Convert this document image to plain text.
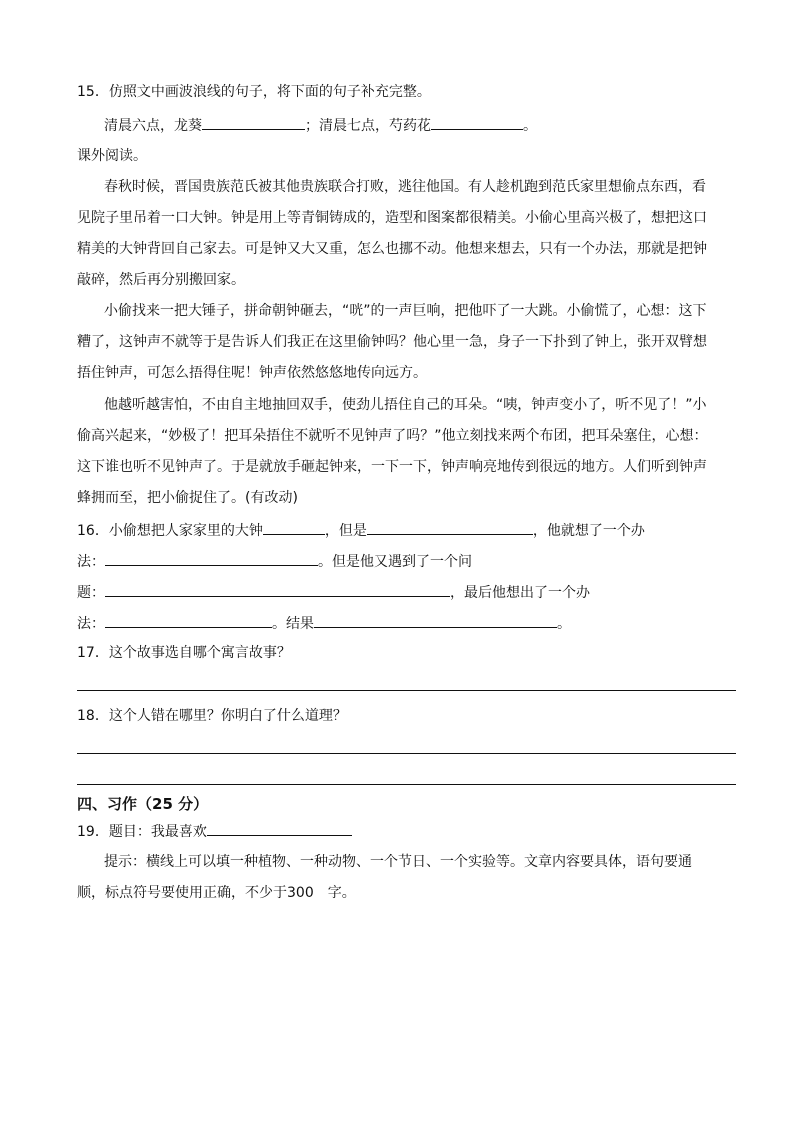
15．仿照文中画波浪线的句子，将下面的句子补充完整。
清晨六点，龙葵	；清晨七点，芍药花	。
课外阅读。
春秋时候，晋国贵族范氏被其他贵族联合打败，逃往他国。有人趁机跑到范氏家里想偷点东西，看
见院子里吊着一口大钟。钟是用上等青铜铸成的，造型和图案都很精美。小偷心里高兴极了，想把这口
精美的大钟背回自己家去。可是钟又大又重，怎么也挪不动。他想来想去，只有一个办法，那就是把钟
敲碎，然后再分别搬回家。
小偷找来一把大锤子，拼命朝钟砸去，“咣”的一声巨响，把他吓了一大跳。小偷慌了，心想：这下
糟了，这钟声不就等于是告诉人们我正在这里偷钟吗？他心里一急，身子一下扑到了钟上，张开双臂想
捂住钟声，可怎么捂得住呢！钟声依然悠悠地传向远方。
他越听越害怕，不由自主地抽回双手，使劲儿捂住自己的耳朵。“咦，钟声变小了，听不见了！”小
偷高兴起来，“妙极了！把耳朵捂住不就听不见钟声了吗？”他立刻找来两个布团，把耳朵塞住，心想：
这下谁也听不见钟声了。于是就放手砸起钟来，一下一下，钟声响亮地传到很远的地方。人们听到钟声
蜂拥而至，把小偷捉住了。(有改动)
16．小偷想把人家家里的大钟	，但是	，他就想了一个办
法：	。但是他又遇到了一个问
题：	，最后他想出了一个办
法：	。结果	。
17．这个故事选自哪个寓言故事？
18．这个人错在哪里？你明白了什么道理？
四、习作（25 分）
19．题目：我最喜欢
提示：横线上可以填一种植物、一种动物、一个节日、一个实验等。文章内容要具体，语句要通
顺，标点符号要使用正确，不少于300　字。
